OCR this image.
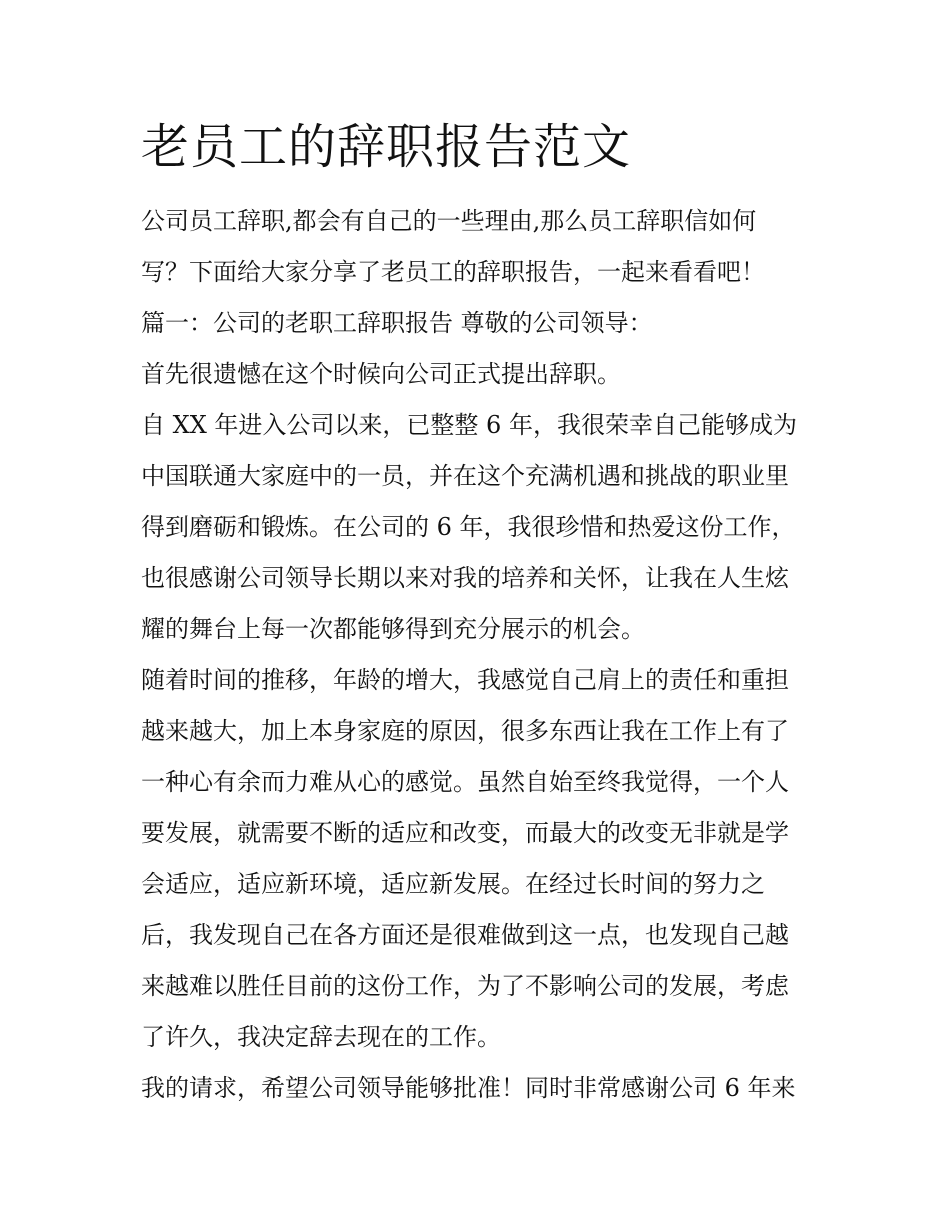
老员工的辞职报告范文

公司员工辞职,都会有自己的一些理由,那么员工辞职信如何

写？下面给大家分享了老员工的辞职报告，一起来看看吧！

篇一：公司的老职工辞职报告 尊敬的公司领导：

首先很遗憾在这个时候向公司正式提出辞职。

自 XX 年进入公司以来，已整整 6 年，我很荣幸自己能够成为

中国联通大家庭中的一员，并在这个充满机遇和挑战的职业里

得到磨砺和锻炼。在公司的 6 年，我很珍惜和热爱这份工作，

也很感谢公司领导长期以来对我的培养和关怀，让我在人生炫

耀的舞台上每一次都能够得到充分展示的机会。

随着时间的推移，年龄的增大，我感觉自己肩上的责任和重担

越来越大，加上本身家庭的原因，很多东西让我在工作上有了

一种心有余而力难从心的感觉。虽然自始至终我觉得，一个人

要发展，就需要不断的适应和改变，而最大的改变无非就是学

会适应，适应新环境，适应新发展。在经过长时间的努力之

后，我发现自己在各方面还是很难做到这一点，也发现自己越

来越难以胜任目前的这份工作，为了不影响公司的发展，考虑

了许久，我决定辞去现在的工作。

我的请求，希望公司领导能够批准！同时非常感谢公司 6 年来
